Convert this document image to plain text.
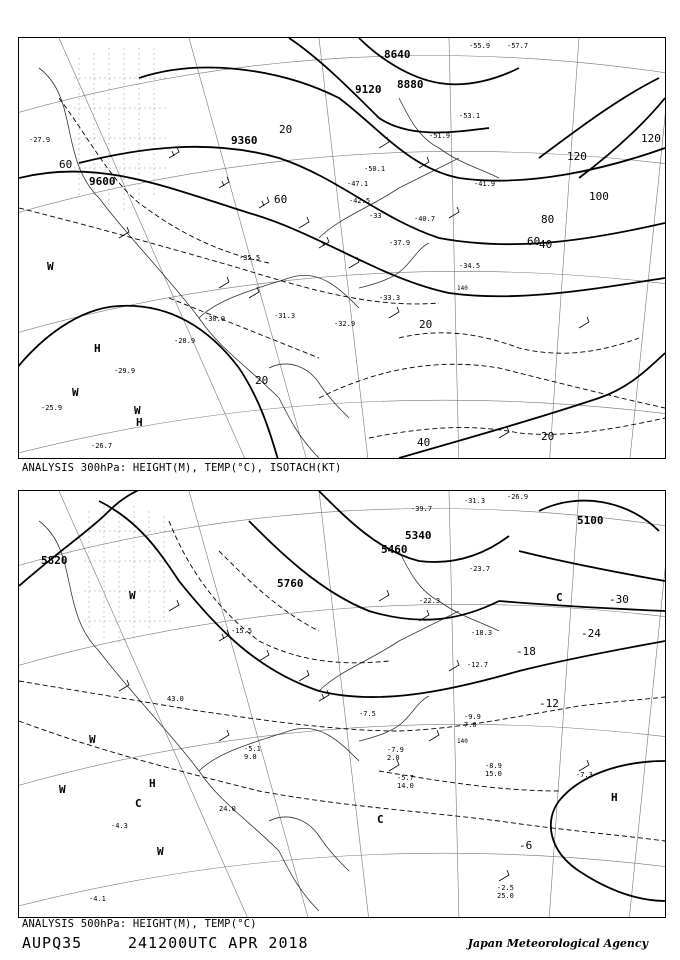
9600
9360
8880
9120
8640
60
60
20
20
20
40
60
80
100
120
120
20
40
H
H
W
W
W
-33
-34.5
-33.3
-32.9
-31.3
-30.9
-28.9
-27.9
-29.9
-25.9
-26.7
-35.5
-37.9
-40.7
-42.5
-47.1
-50.1
-53.1
-55.9 -57.7
-51.9
-41.9
140
ANALYSIS 300hPa: HEIGHT(M), TEMP(°C), ISOTACH(KT)
5820
5760
5460
5340
5100
-30
-24
-18
-12
-6
H
H
C
C
C
W
W
W
W
-7.5
-8.9
-7.3
-2.5
-5.7
-7.9
-9.9
-12.7
-15.5	-18.3
-22.3
-23.7
-26.9
-31.3
-39.7
-4.3
-4.1
-5.1
15.0
25.0
14.0
2.0
7.0
9.0
24.0
43.0
140
ANALYSIS 500hPa: HEIGHT(M), TEMP(°C)
AUPQ35	241200UTC APR 2018	Japan Meteorological Agency
